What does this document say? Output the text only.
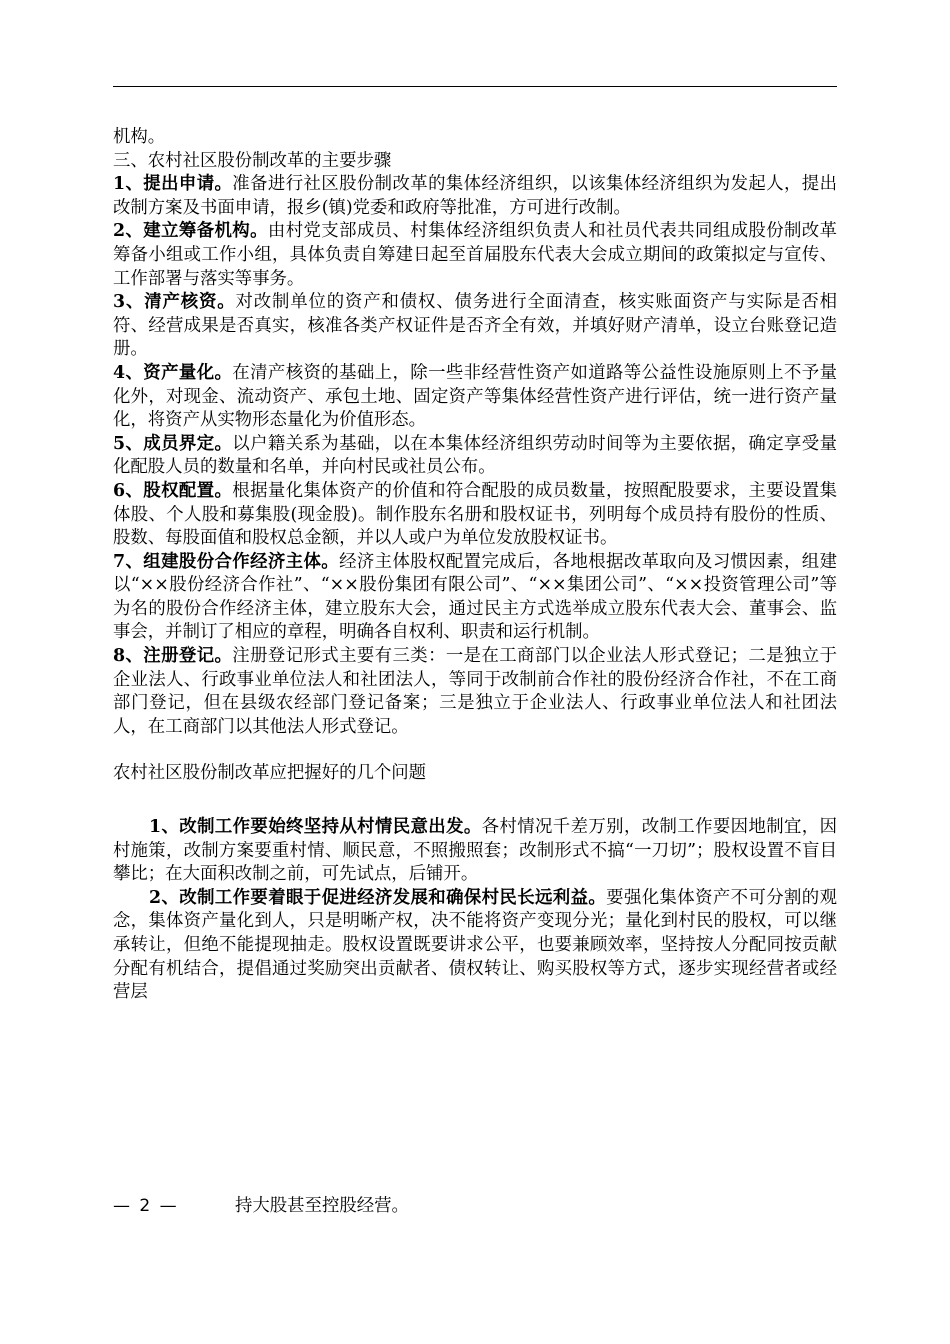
机构。

三、农村社区股份制改革的主要步骤

1、提出申请。准备进行社区股份制改革的集体经济组织，以该集体经济组织为发起人，提出改制方案及书面申请，报乡(镇)党委和政府等批准，方可进行改制。

2、建立筹备机构。由村党支部成员、村集体经济组织负责人和社员代表共同组成股份制改革筹备小组或工作小组，具体负责自筹建日起至首届股东代表大会成立期间的政策拟定与宣传、工作部署与落实等事务。

3、清产核资。对改制单位的资产和债权、债务进行全面清查，核实账面资产与实际是否相符、经营成果是否真实，核准各类产权证件是否齐全有效，并填好财产清单，设立台账登记造册。

4、资产量化。在清产核资的基础上，除一些非经营性资产如道路等公益性设施原则上不予量化外，对现金、流动资产、承包土地、固定资产等集体经营性资产进行评估，统一进行资产量化，将资产从实物形态量化为价值形态。

5、成员界定。以户籍关系为基础，以在本集体经济组织劳动时间等为主要依据，确定享受量化配股人员的数量和名单，并向村民或社员公布。

6、股权配置。根据量化集体资产的价值和符合配股的成员数量，按照配股要求，主要设置集体股、个人股和募集股(现金股)。制作股东名册和股权证书，列明每个成员持有股份的性质、股数、每股面值和股权总金额，并以人或户为单位发放股权证书。

7、组建股份合作经济主体。经济主体股权配置完成后，各地根据改革取向及习惯因素，组建以“××股份经济合作社”、“××股份集团有限公司”、“××集团公司”、“××投资管理公司”等为名的股份合作经济主体，建立股东大会，通过民主方式选举成立股东代表大会、董事会、监事会，并制订了相应的章程，明确各自权利、职责和运行机制。

8、注册登记。注册登记形式主要有三类：一是在工商部门以企业法人形式登记；二是独立于企业法人、行政事业单位法人和社团法人，等同于改制前合作社的股份经济合作社，不在工商部门登记，但在县级农经部门登记备案；三是独立于企业法人、行政事业单位法人和社团法人，在工商部门以其他法人形式登记。

农村社区股份制改革应把握好的几个问题

1、改制工作要始终坚持从村情民意出发。各村情况千差万别，改制工作要因地制宜，因村施策，改制方案要重村情、顺民意，不照搬照套；改制形式不搞“一刀切”；股权设置不盲目攀比；在大面积改制之前，可先试点，后铺开。

2、改制工作要着眼于促进经济发展和确保村民长远利益。要强化集体资产不可分割的观念，集体资产量化到人，只是明晰产权，决不能将资产变现分光；量化到村民的股权，可以继承转让，但绝不能提现抽走。股权设置既要讲求公平，也要兼顾效率，坚持按人分配同按贡献分配有机结合，提倡通过奖励突出贡献者、债权转让、购买股权等方式，逐步实现经营者或经营层

— 2 —	持大股甚至控股经营。
